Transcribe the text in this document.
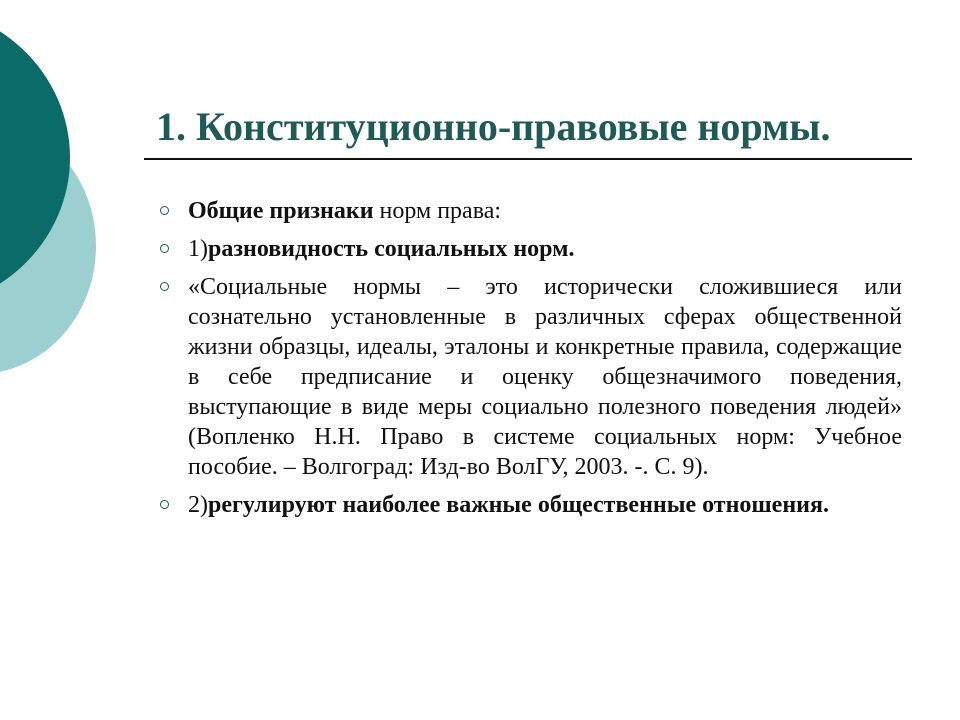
1. Конституционно-правовые нормы.
Общие признаки норм права:
1)разновидность социальных норм.
«Социальные нормы – это исторически сложившиеся или сознательно установленные в различных сферах общественной жизни образцы, идеалы, эталоны и конкретные правила, содержащие в себе предписание и оценку общезначимого поведения, выступающие в виде меры социально полезного поведения людей» (Вопленко Н.Н. Право в системе социальных норм: Учебное пособие. – Волгоград: Изд-во ВолГУ, 2003. -. С. 9).
2)регулируют наиболее важные общественные отношения.
